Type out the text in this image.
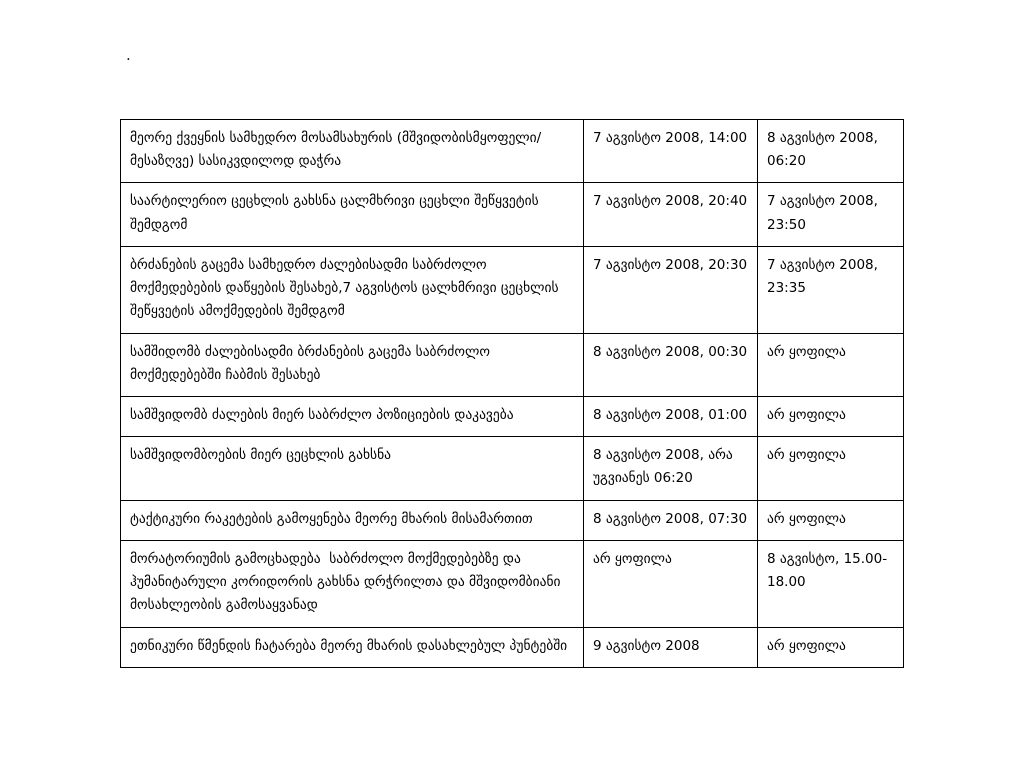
.
მეორე ქვეყნის სამხედრო მოსამსახურის (მშვიდობისმყოფელი/მესაზღვე) სასიკვდილოდ დაჭრა	7 აგვისტო 2008, 14:00	8 აგვისტო 2008, 06:20

საარტილერიო ცეცხლის გახსნა ცალმხრივი ცეცხლი შეწყვეტის შემდგომ	7 აგვისტო 2008, 20:40	7 აგვისტო 2008, 23:50

ბრძანების გაცემა სამხედრო ძალებისადმი საბრძოლო მოქმედებების დაწყების შესახებ,7 აგვისტოს ცალხმრივი ცეცხლის შეწყვეტის ამოქმედების შემდგომ	7 აგვისტო 2008, 20:30	7 აგვისტო 2008, 23:35

სამშიდომბ ძალებისადმი ბრძანების გაცემა საბრძოლო მოქმედებებში ჩაბმის შესახებ	8 აგვისტო 2008, 00:30	არ ყოფილა

სამშვიდომბ ძალების მიერ საბრძლო პოზიციების დაკავება	8 აგვისტო 2008, 01:00	არ ყოფილა

სამშვიდომბოების მიერ ცეცხლის გახსნა	8 აგვისტო 2008, არა უგვიანეს 06:20	არ ყოფილა

ტაქტიკური რაკეტების გამოყენება მეორე მხარის მისამართით	8 აგვისტო 2008, 07:30	არ ყოფილა

მორატორიუმის გამოცხადება  საბრძოლო მოქმედებებზე და ჰუმანიტარული კორიდორის გახსნა დრჭრილთა და მშვიდომბიანი მოსახლეობის გამოსაყვანად	არ ყოფილა	8 აგვისტო, 15.00-18.00

ეთნიკური წმენდის ჩატარება მეორე მხარის დასახლებულ პუნტებში	9 აგვისტო 2008	არ ყოფილა
